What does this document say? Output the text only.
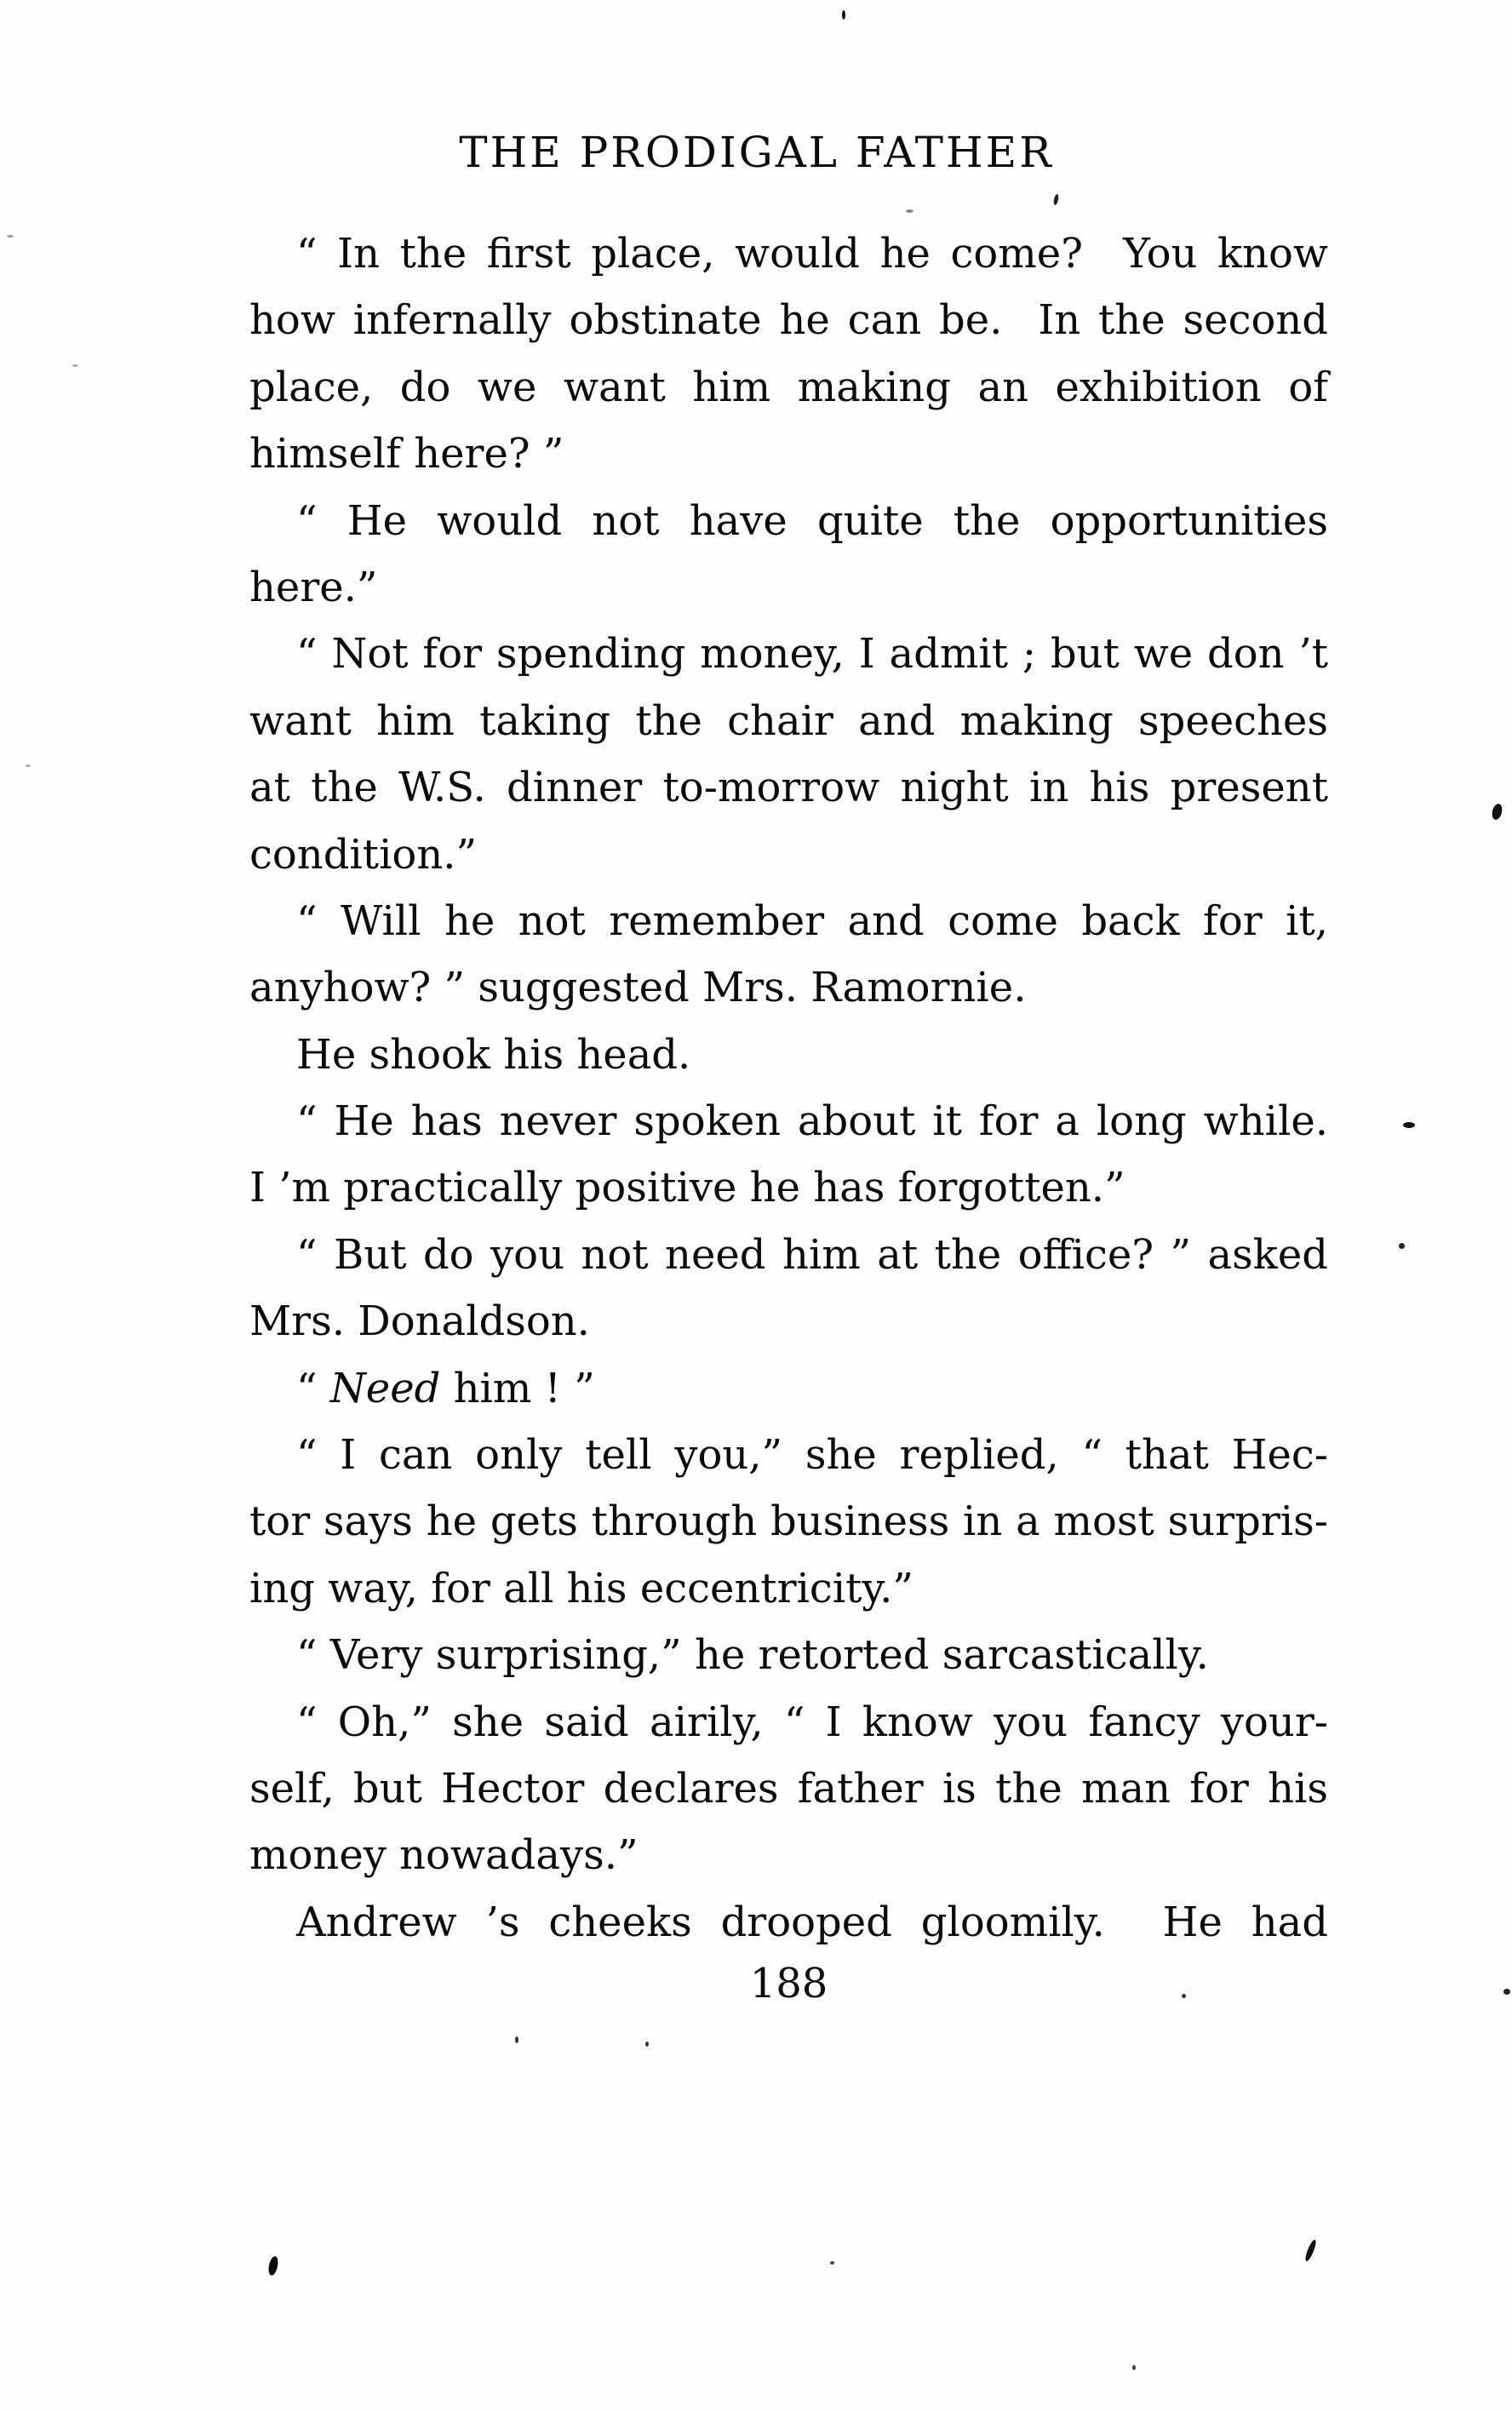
THE PRODIGAL FATHER
“ In the first place, would he come?  You know
how infernally obstinate he can be.  In the second
place, do we want him making an exhibition of
himself here? ”
“ He would not have quite the opportunities
here.”
“ Not for spending money, I admit ; but we don ’t
want him taking the chair and making speeches
at the W.S. dinner to-morrow night in his present
condition.”
“ Will he not remember and come back for it,
anyhow? ” suggested Mrs. Ramornie.
He shook his head.
“ He has never spoken about it for a long while.
I ’m practically positive he has forgotten.”
“ But do you not need him at the office? ” asked
Mrs. Donaldson.
“ Need him ! ”
“ I can only tell you,” she replied, “ that Hec-
tor says he gets through business in a most surpris-
ing way, for all his eccentricity.”
“ Very surprising,” he retorted sarcastically.
“ Oh,” she said airily, “ I know you fancy your-
self, but Hector declares father is the man for his
money nowadays.”
Andrew ’s cheeks drooped gloomily.  He had
188
